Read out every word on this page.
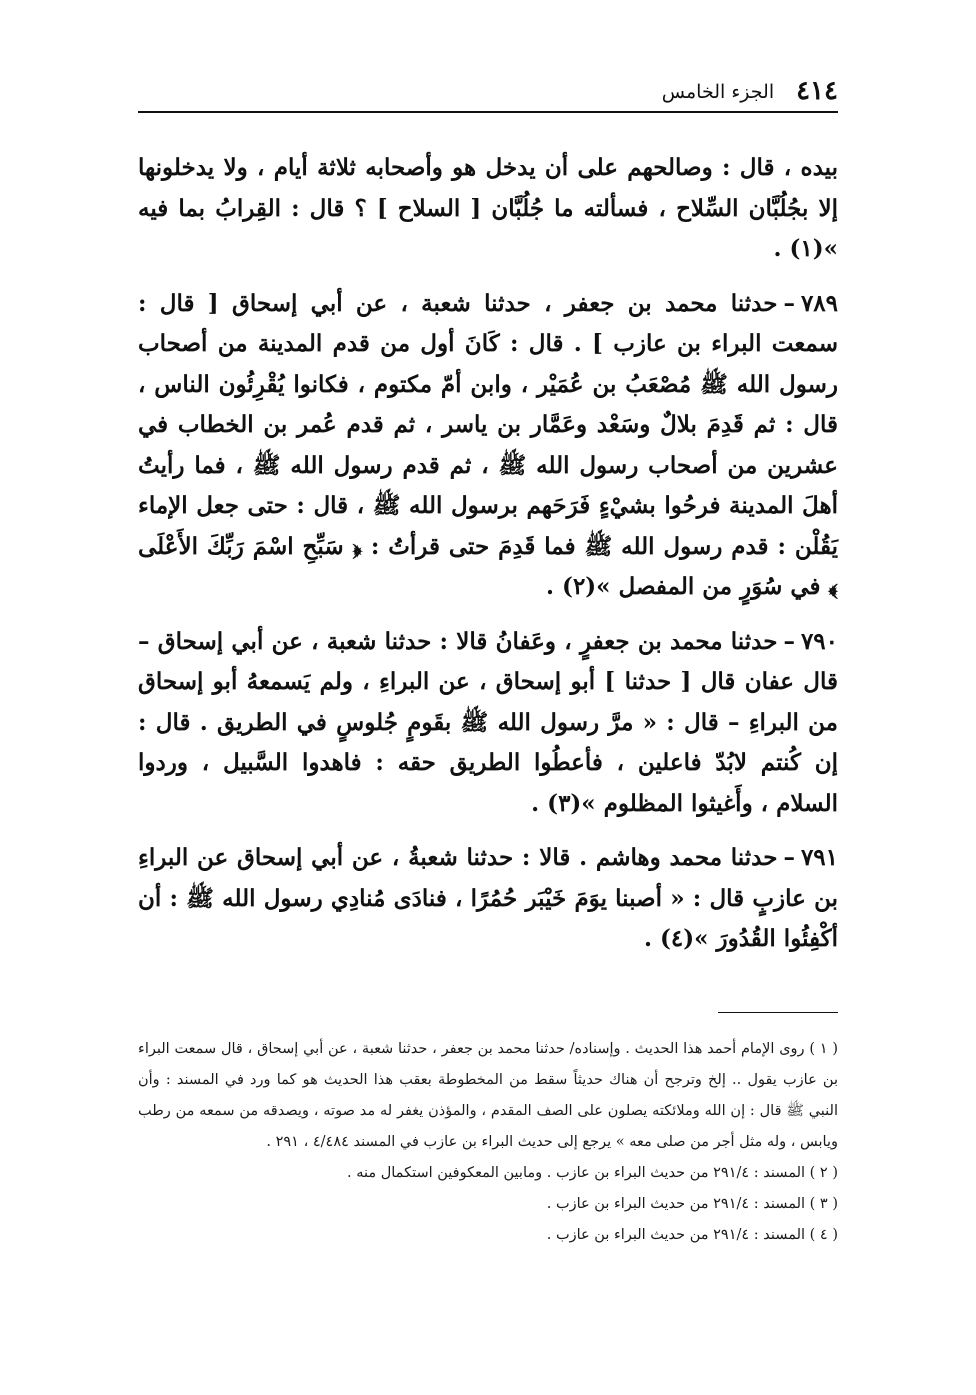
٤١٤
الجزء الخامس

بيده ، قال : وصالحهم على أن يدخل هو وأصحابه ثلاثة أيام ، ولا يدخلونها إلا بجُلُبَّان السِّلاح ، فسألته ما جُلُبَّان [ السلاح ] ؟ قال : القِرابُ بما فيه »(١) .

٧٨٩–حدثنا محمد بن جعفر ، حدثنا شعبة ، عن أبي إسحاق [ قال : سمعت البراء بن عازب ] . قال : كَانَ أول من قدم المدينة من أصحاب رسول الله ﷺ مُصْعَبُ بن عُمَيْر ، وابن أمّ مكتوم ، فكانوا يُقْرِئُون الناس ، قال : ثم قَدِمَ بلالٌ وسَعْد وعَمَّار بن ياسر ، ثم قدم عُمر بن الخطاب في عشرين من أصحاب رسول الله ﷺ ، ثم قدم رسول الله ﷺ ، فما رأيتُ أهلَ المدينة فرحُوا بشيْءٍ فَرَحَهم برسول الله ﷺ ، قال : حتى جعل الإماء يَقُلْن : قدم رسول الله ﷺ فما قَدِمَ حتى قرأتُ : ﴿ سَبِّحِ اسْمَ رَبِّكَ الأَعْلَى ﴾ في سُوَرٍ من المفصل »(٢) .

٧٩٠–حدثنا محمد بن جعفرٍ ، وعَفانُ قالا : حدثنا شعبة ، عن أبي إسحاق – قال عفان قال [ حدثنا ] أبو إسحاق ، عن البراءِ ، ولم يَسمعهُ أبو إسحاق من البراءِ – قال : « مرَّ رسول الله ﷺ بقَومٍ جُلوسٍ في الطريق . قال : إن كُنتم لابُدّ فاعلين ، فأعطُوا الطريق حقه : فاهدوا السَّبيل ، وردوا السلام ، وأَغيثوا المظلوم »(٣) .

٧٩١–حدثنا محمد وهاشم . قالا : حدثنا شعبةُ ، عن أبي إسحاق عن البراءِ بن عازبٍ قال : « أصبنا يوَمَ خَيْبَر حُمُرًا ، فنادَى مُنادِي رسول الله ﷺ : أن أكْفِئُوا القُدُورَ »(٤) .

( ١ ) روى الإمام أحمد هذا الحديث . وإسناده/ حدثنا محمد بن جعفر ، حدثنا شعبة ، عن أبي إسحاق ، قال سمعت البراء بن عازب يقول .. إلخ وترجح أن هناك حديثاً سقط من المخطوطة بعقب هذا الحديث هو كما ورد في المسند : وأن النبي ﷺ قال : إن الله وملائكته يصلون على الصف المقدم ، والمؤذن يغفر له مد صوته ، ويصدقه من سمعه من رطب ويابس ، وله مثل أجر من صلى معه » يرجع إلى حديث البراء بن عازب في المسند ٤/٤٨٤ ، ٢٩١ .

( ٢ ) المسند : ٢٩١/٤ من حديث البراء بن عازب . ومابين المعكوفين استكمال منه .

( ٣ ) المسند : ٢٩١/٤ من حديث البراء بن عازب .

( ٤ ) المسند : ٢٩١/٤ من حديث البراء بن عازب .
